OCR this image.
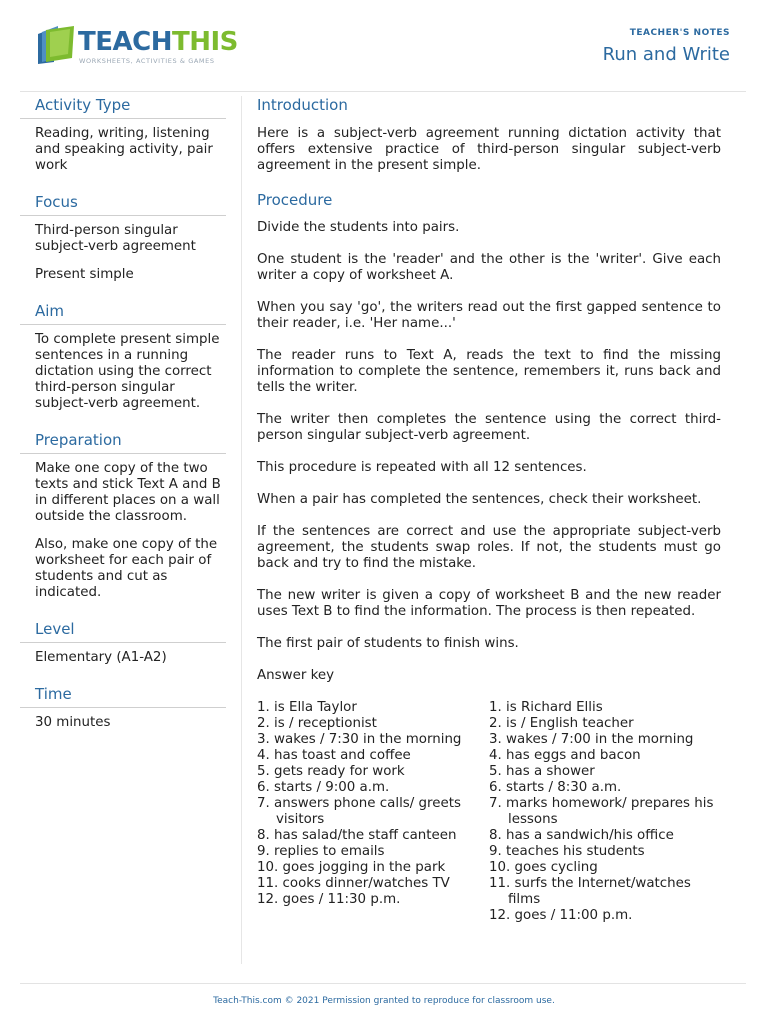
TEACHTHIS
WORKSHEETS, ACTIVITIES & GAMES
TEACHER'S NOTES
Run and Write
Activity Type

Reading, writing, listening and speaking activity, pair work

Focus

Third-person singular subject-verb agreement

Present simple

Aim

To complete present simple sentences in a running dictation using the correct third-person singular subject-verb agreement.

Preparation

Make one copy of the two texts and stick Text A and B in different places on a wall outside the classroom.

Also, make one copy of the worksheet for each pair of students and cut as indicated.

Level

Elementary (A1-A2)

Time

30 minutes

Introduction

Here is a subject-verb agreement running dictation activity that offers extensive practice of third-person singular subject-verb agreement in the present simple.

Procedure

Divide the students into pairs.

One student is the 'reader' and the other is the 'writer'. Give each writer a copy of worksheet A.

When you say 'go', the writers read out the first gapped sentence to their reader, i.e. 'Her name...'

The reader runs to Text A, reads the text to find the missing information to complete the sentence, remembers it, runs back and tells the writer.

The writer then completes the sentence using the correct third-person singular subject-verb agreement.

This procedure is repeated with all 12 sentences.

When a pair has completed the sentences, check their worksheet.

If the sentences are correct and use the appropriate subject-verb agreement, the students swap roles. If not, the students must go back and try to find the mistake.

The new writer is given a copy of worksheet B and the new reader uses Text B to find the information. The process is then repeated.

The first pair of students to finish wins.

Answer key

1. is Ella Taylor
2. is / receptionist
3. wakes / 7:30 in the morning
4. has toast and coffee
5. gets ready for work
6. starts / 9:00 a.m.
7. answers phone calls/ greets visitors
8. has salad/the staff canteen
9. replies to emails
10. goes jogging in the park
11. cooks dinner/watches TV
12. goes / 11:30 p.m.
1. is Richard Ellis
2. is / English teacher
3. wakes / 7:00 in the morning
4. has eggs and bacon
5. has a shower
6. starts / 8:30 a.m.
7. marks homework/ prepares his lessons
8. has a sandwich/his office
9. teaches his students
10. goes cycling
11. surfs the Internet/watches films
12. goes / 11:00 p.m.
Teach-This.com © 2021 Permission granted to reproduce for classroom use.
